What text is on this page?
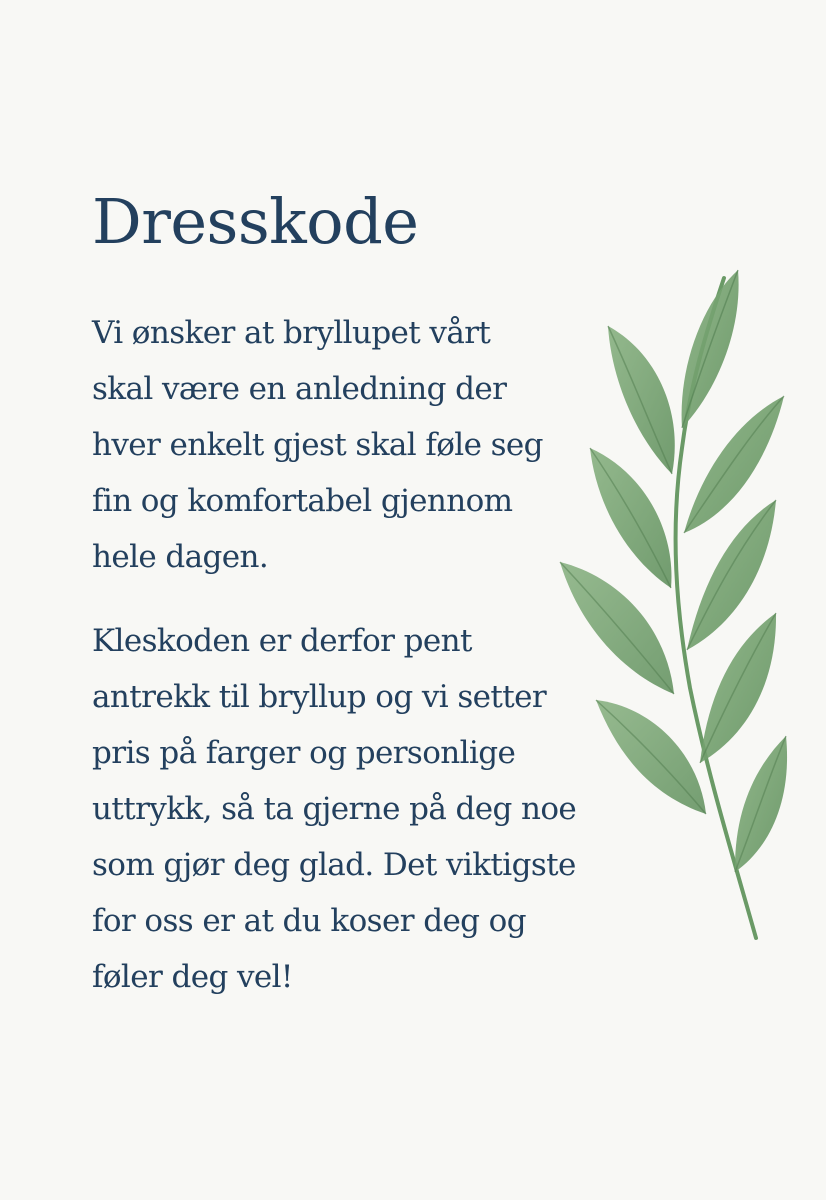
Dresskode

Vi ønsker at bryllupet vårt
skal være en anledning der
hver enkelt gjest skal føle seg
fin og komfortabel gjennom
hele dagen.

Kleskoden er derfor pent
antrekk til bryllup og vi setter
pris på farger og personlige
uttrykk, så ta gjerne på deg noe
som gjør deg glad. Det viktigste
for oss er at du koser deg og
føler deg vel!
